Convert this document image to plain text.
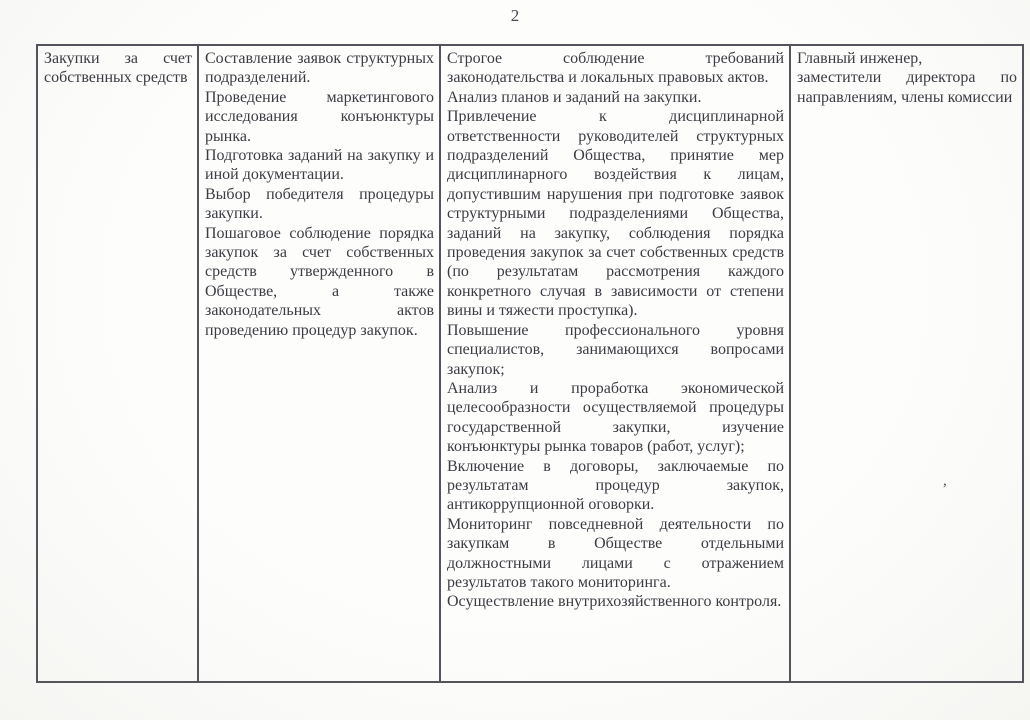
2

Закупки за счет собственных средств

Составление заявок структурных подразделений.

Проведение маркетингового исследования конъюнктуры рынка.

Подготовка заданий на закупку и иной документации.

Выбор победителя процедуры закупки.

Пошаговое соблюдение порядка закупок за счет собственных средств утвержденного в Обществе, а также законодательных актов проведению процедур закупок.

Строгое соблюдение требований законодательства и локальных правовых актов.

Анализ планов и заданий на закупки.

Привлечение к дисциплинарной ответственности руководителей структурных подразделений Общества, принятие мер дисциплинарного воздействия к лицам, допустившим нарушения при подготовке заявок структурными подразделениями Общества, заданий на закупку, соблюдения порядка проведения закупок за счет собственных средств (по результатам рассмотрения каждого конкретного случая в зависимости от степени вины и тяжести проступка).

Повышение профессионального уровня специалистов, занимающихся вопросами закупок;

Анализ и проработка экономической целесообразности осуществляемой процедуры государственной закупки, изучение конъюнктуры рынка товаров (работ, услуг);

Включение в договоры, заключаемые по результатам процедур закупок, антикоррупционной оговорки.

Мониторинг повседневной деятельности по закупкам в Обществе отдельными должностными лицами с отражением результатов такого мониторинга.

Осуществление внутрихозяйственного контроля.

Главный инженер,

заместители директора по направлениям, члены комиссии

,
